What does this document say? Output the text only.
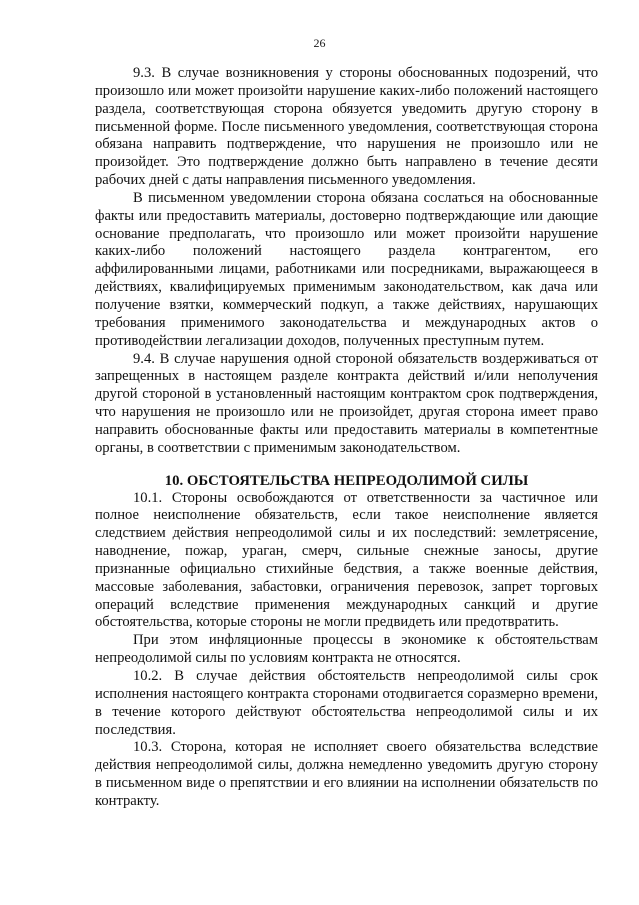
26

9.3. В случае возникновения у стороны обоснованных подозрений, что произошло или может произойти нарушение каких-либо положений настоящего раздела, соответствующая сторона обязуется уведомить другую сторону в письменной форме. После письменного уведомления, соответствующая сторона обязана направить подтверждение, что нарушения не произошло или не произойдет. Это подтверждение должно быть направлено в течение десяти рабочих дней с даты направления письменного уведомления.

В письменном уведомлении сторона обязана сослаться на обоснованные факты или предоставить материалы, достоверно подтверждающие или дающие основание предполагать, что произошло или может произойти нарушение каких-либо положений настоящего раздела контрагентом, его аффилированными лицами, работниками или посредниками, выражающееся в действиях, квалифицируемых применимым законодательством, как дача или получение взятки, коммерческий подкуп, а также действиях, нарушающих требования применимого законодательства и международных актов о противодействии легализации доходов, полученных преступным путем.

9.4. В случае нарушения одной стороной обязательств воздерживаться от запрещенных в настоящем разделе контракта действий и/или неполучения другой стороной в установленный настоящим контрактом срок подтверждения, что нарушения не произошло или не произойдет, другая сторона имеет право направить обоснованные факты или предоставить материалы в компетентные органы, в соответствии с применимым законодательством.

10. ОБСТОЯТЕЛЬСТВА НЕПРЕОДОЛИМОЙ СИЛЫ

10.1. Стороны освобождаются от ответственности за частичное или полное неисполнение обязательств, если такое неисполнение является следствием действия непреодолимой силы и их последствий: землетрясение, наводнение, пожар, ураган, смерч, сильные снежные заносы, другие признанные официально стихийные бедствия, а также военные действия, массовые заболевания, забастовки, ограничения перевозок, запрет торговых операций вследствие применения международных санкций и другие обстоятельства, которые стороны не могли предвидеть или предотвратить.

При этом инфляционные процессы в экономике к обстоятельствам непреодолимой силы по условиям контракта не относятся.

10.2. В случае действия обстоятельств непреодолимой силы срок исполнения настоящего контракта сторонами отодвигается соразмерно времени, в течение которого действуют обстоятельства непреодолимой силы и их последствия.

10.3. Сторона, которая не исполняет своего обязательства вследствие действия непреодолимой силы, должна немедленно уведомить другую сторону в письменном виде о препятствии и его влиянии на исполнении обязательств по контракту.
